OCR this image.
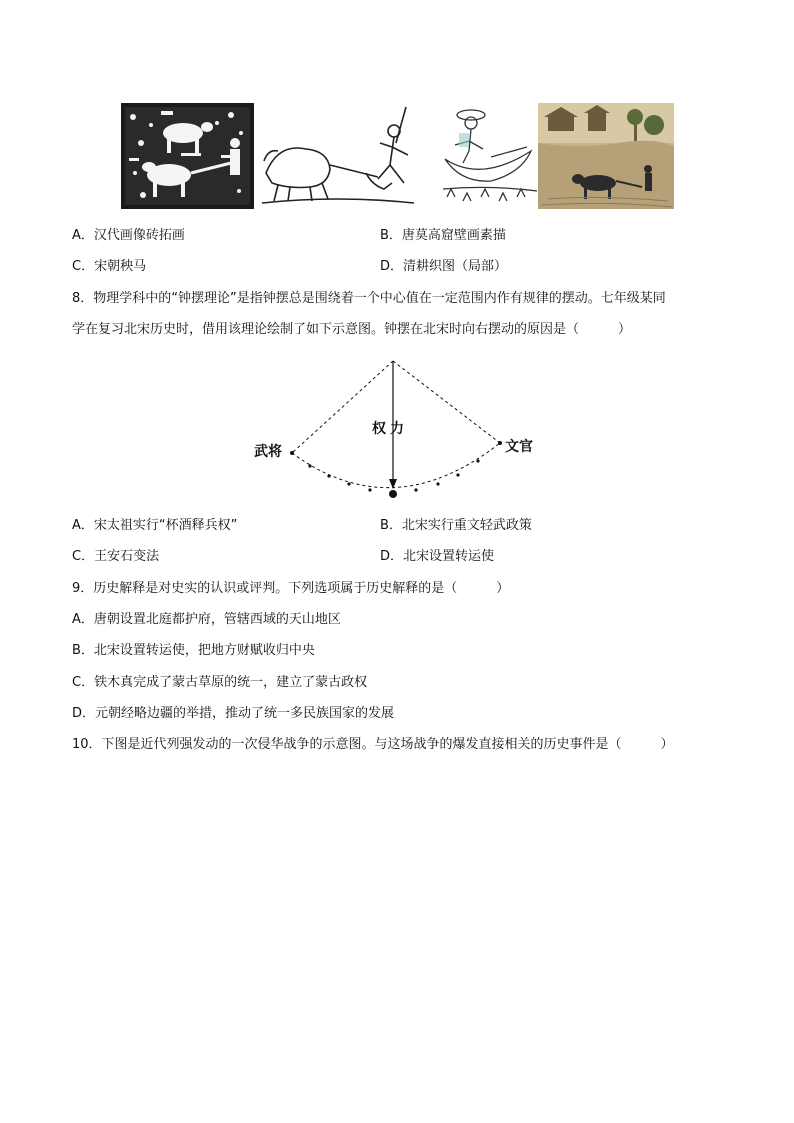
A．汉代画像砖拓画	B．唐莫高窟壁画素描
C．宋朝秧马	D．清耕织图（局部）
8．物理学科中的“钟摆理论”是指钟摆总是围绕着一个中心值在一定范围内作有规律的摆动。七年级某同
学在复习北宋历史时，借用该理论绘制了如下示意图。钟摆在北宋时向右摆动的原因是（　　　）
武将
权力
文官
A．宋太祖实行“杯酒释兵权”	B．北宋实行重文轻武政策
C．王安石变法	D．北宋设置转运使
9．历史解释是对史实的认识或评判。下列选项属于历史解释的是（　　　）
A．唐朝设置北庭都护府，管辖西域的天山地区
B．北宋设置转运使，把地方财赋收归中央
C．铁木真完成了蒙古草原的统一，建立了蒙古政权
D．元朝经略边疆的举措，推动了统一多民族国家的发展
10．下图是近代列强发动的一次侵华战争的示意图。与这场战争的爆发直接相关的历史事件是（　　　）
